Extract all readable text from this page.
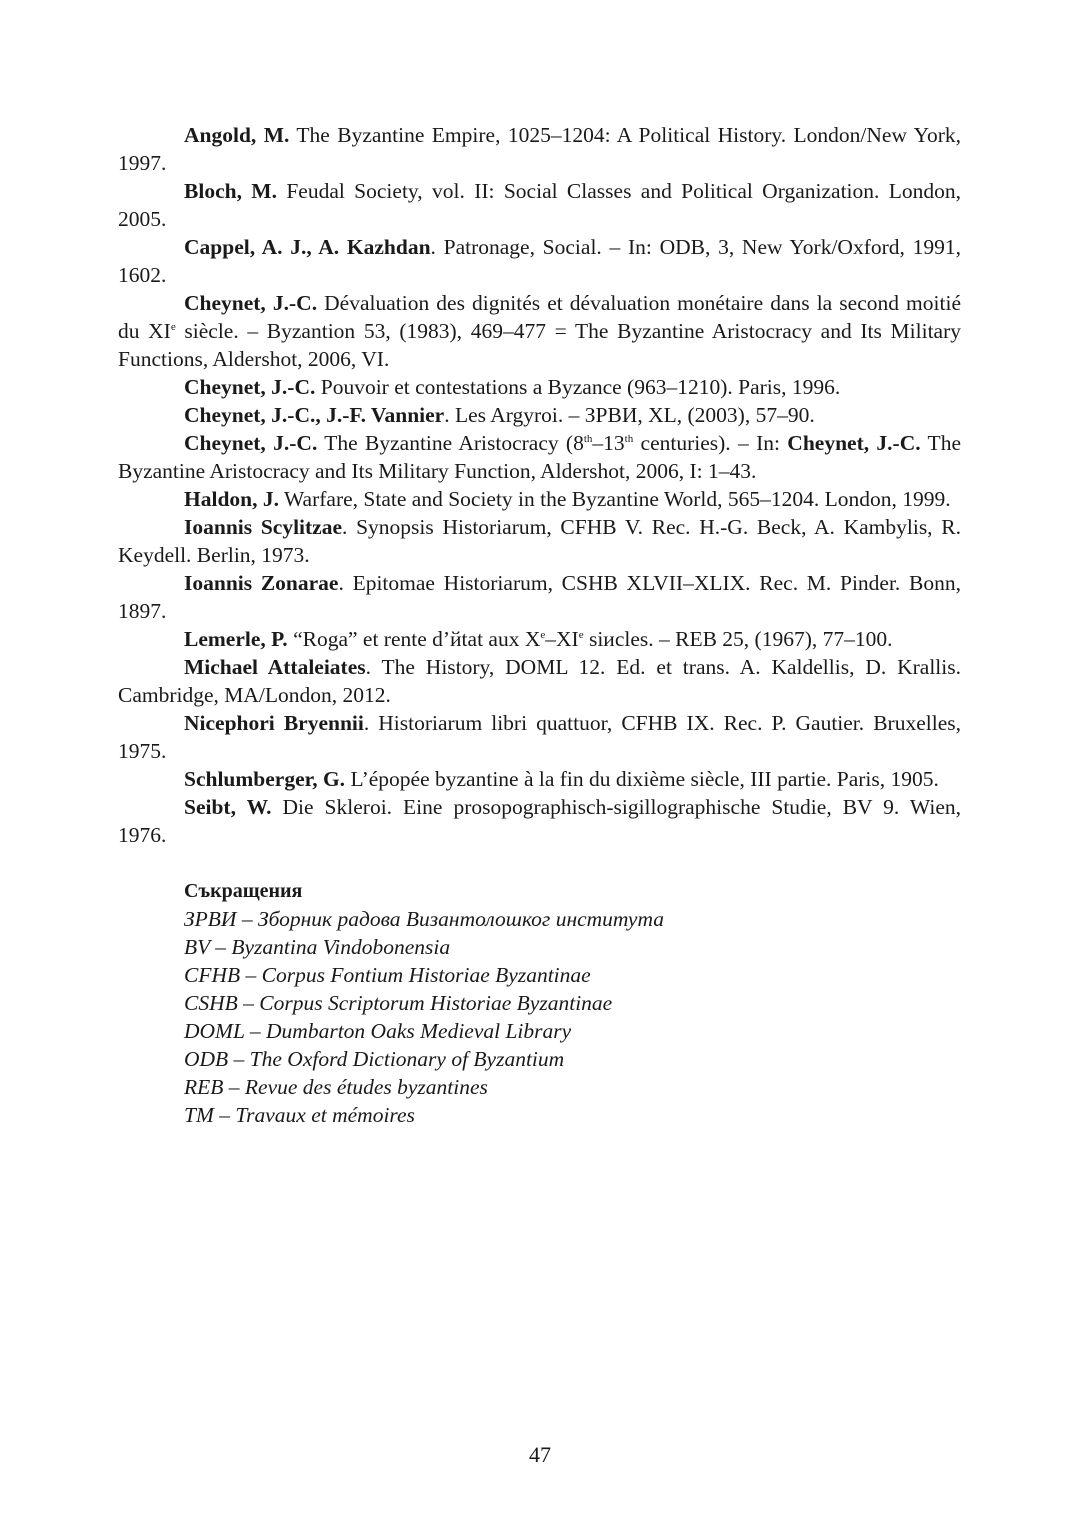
Angold, M. The Byzantine Empire, 1025–1204: A Political History. London/New York, 1997.

Bloch, M. Feudal Society, vol. II: Social Classes and Political Organization. London, 2005.

Cappel, A. J., A. Kazhdan. Patronage, Social. – In: ODB, 3, New York/Oxford, 1991, 1602.

Cheynet, J.-C. Dévaluation des dignités et dévaluation monétaire dans la second moitié du XIe siècle. – Byzantion 53, (1983), 469–477 = The Byzantine Aristocracy and Its Military Functions, Aldershot, 2006, VI.

Cheynet, J.-C. Pouvoir et contestations a Byzance (963–1210). Paris, 1996.

Cheynet, J.-C., J.-F. Vannier. Les Argyroi. – ЗРВИ, XL, (2003), 57–90.

Cheynet, J.-C. The Byzantine Aristocracy (8th–13th centuries). – In: Cheynet, J.-C. The Byzantine Aristocracy and Its Military Function, Aldershot, 2006, I: 1–43.

Haldon, J. Warfare, State and Society in the Byzantine World, 565–1204. London, 1999.

Ioannis Scylitzae. Synopsis Historiarum, CFHB V. Rec. H.-G. Beck, A. Kambylis, R. Keydell. Berlin, 1973.

Ioannis Zonarae. Epitomae Historiarum, CSHB XLVII–XLIX. Rec. M. Pinder. Bonn, 1897.

Lemerle, P. “Roga” et rente d’йtat aux Xe–XIe siиcles. – REB 25, (1967), 77–100.

Michael Attaleiates. The History, DOML 12. Ed. et trans. A. Kaldellis, D. Krallis. Cambridge, MA/London, 2012.

Nicephori Bryennii. Historiarum libri quattuor, CFHB IX. Rec. P. Gautier. Bruxelles, 1975.

Schlumberger, G. L’épopée byzantine à la fin du dixième siècle, III partie. Paris, 1905.

Seibt, W. Die Skleroi. Eine prosopographisch-sigillographische Studie, BV 9. Wien, 1976.

Съкращения

ЗРВИ – Зборник радова Византолошког института

BV – Byzantina Vindobonensia

CFHB – Corpus Fontium Historiae Byzantinae

CSHB – Corpus Scriptorum Historiae Byzantinae

DOML – Dumbarton Oaks Medieval Library

ODB – The Oxford Dictionary of Byzantium

REB – Revue des études byzantines

TM – Travaux et mémoires

47
